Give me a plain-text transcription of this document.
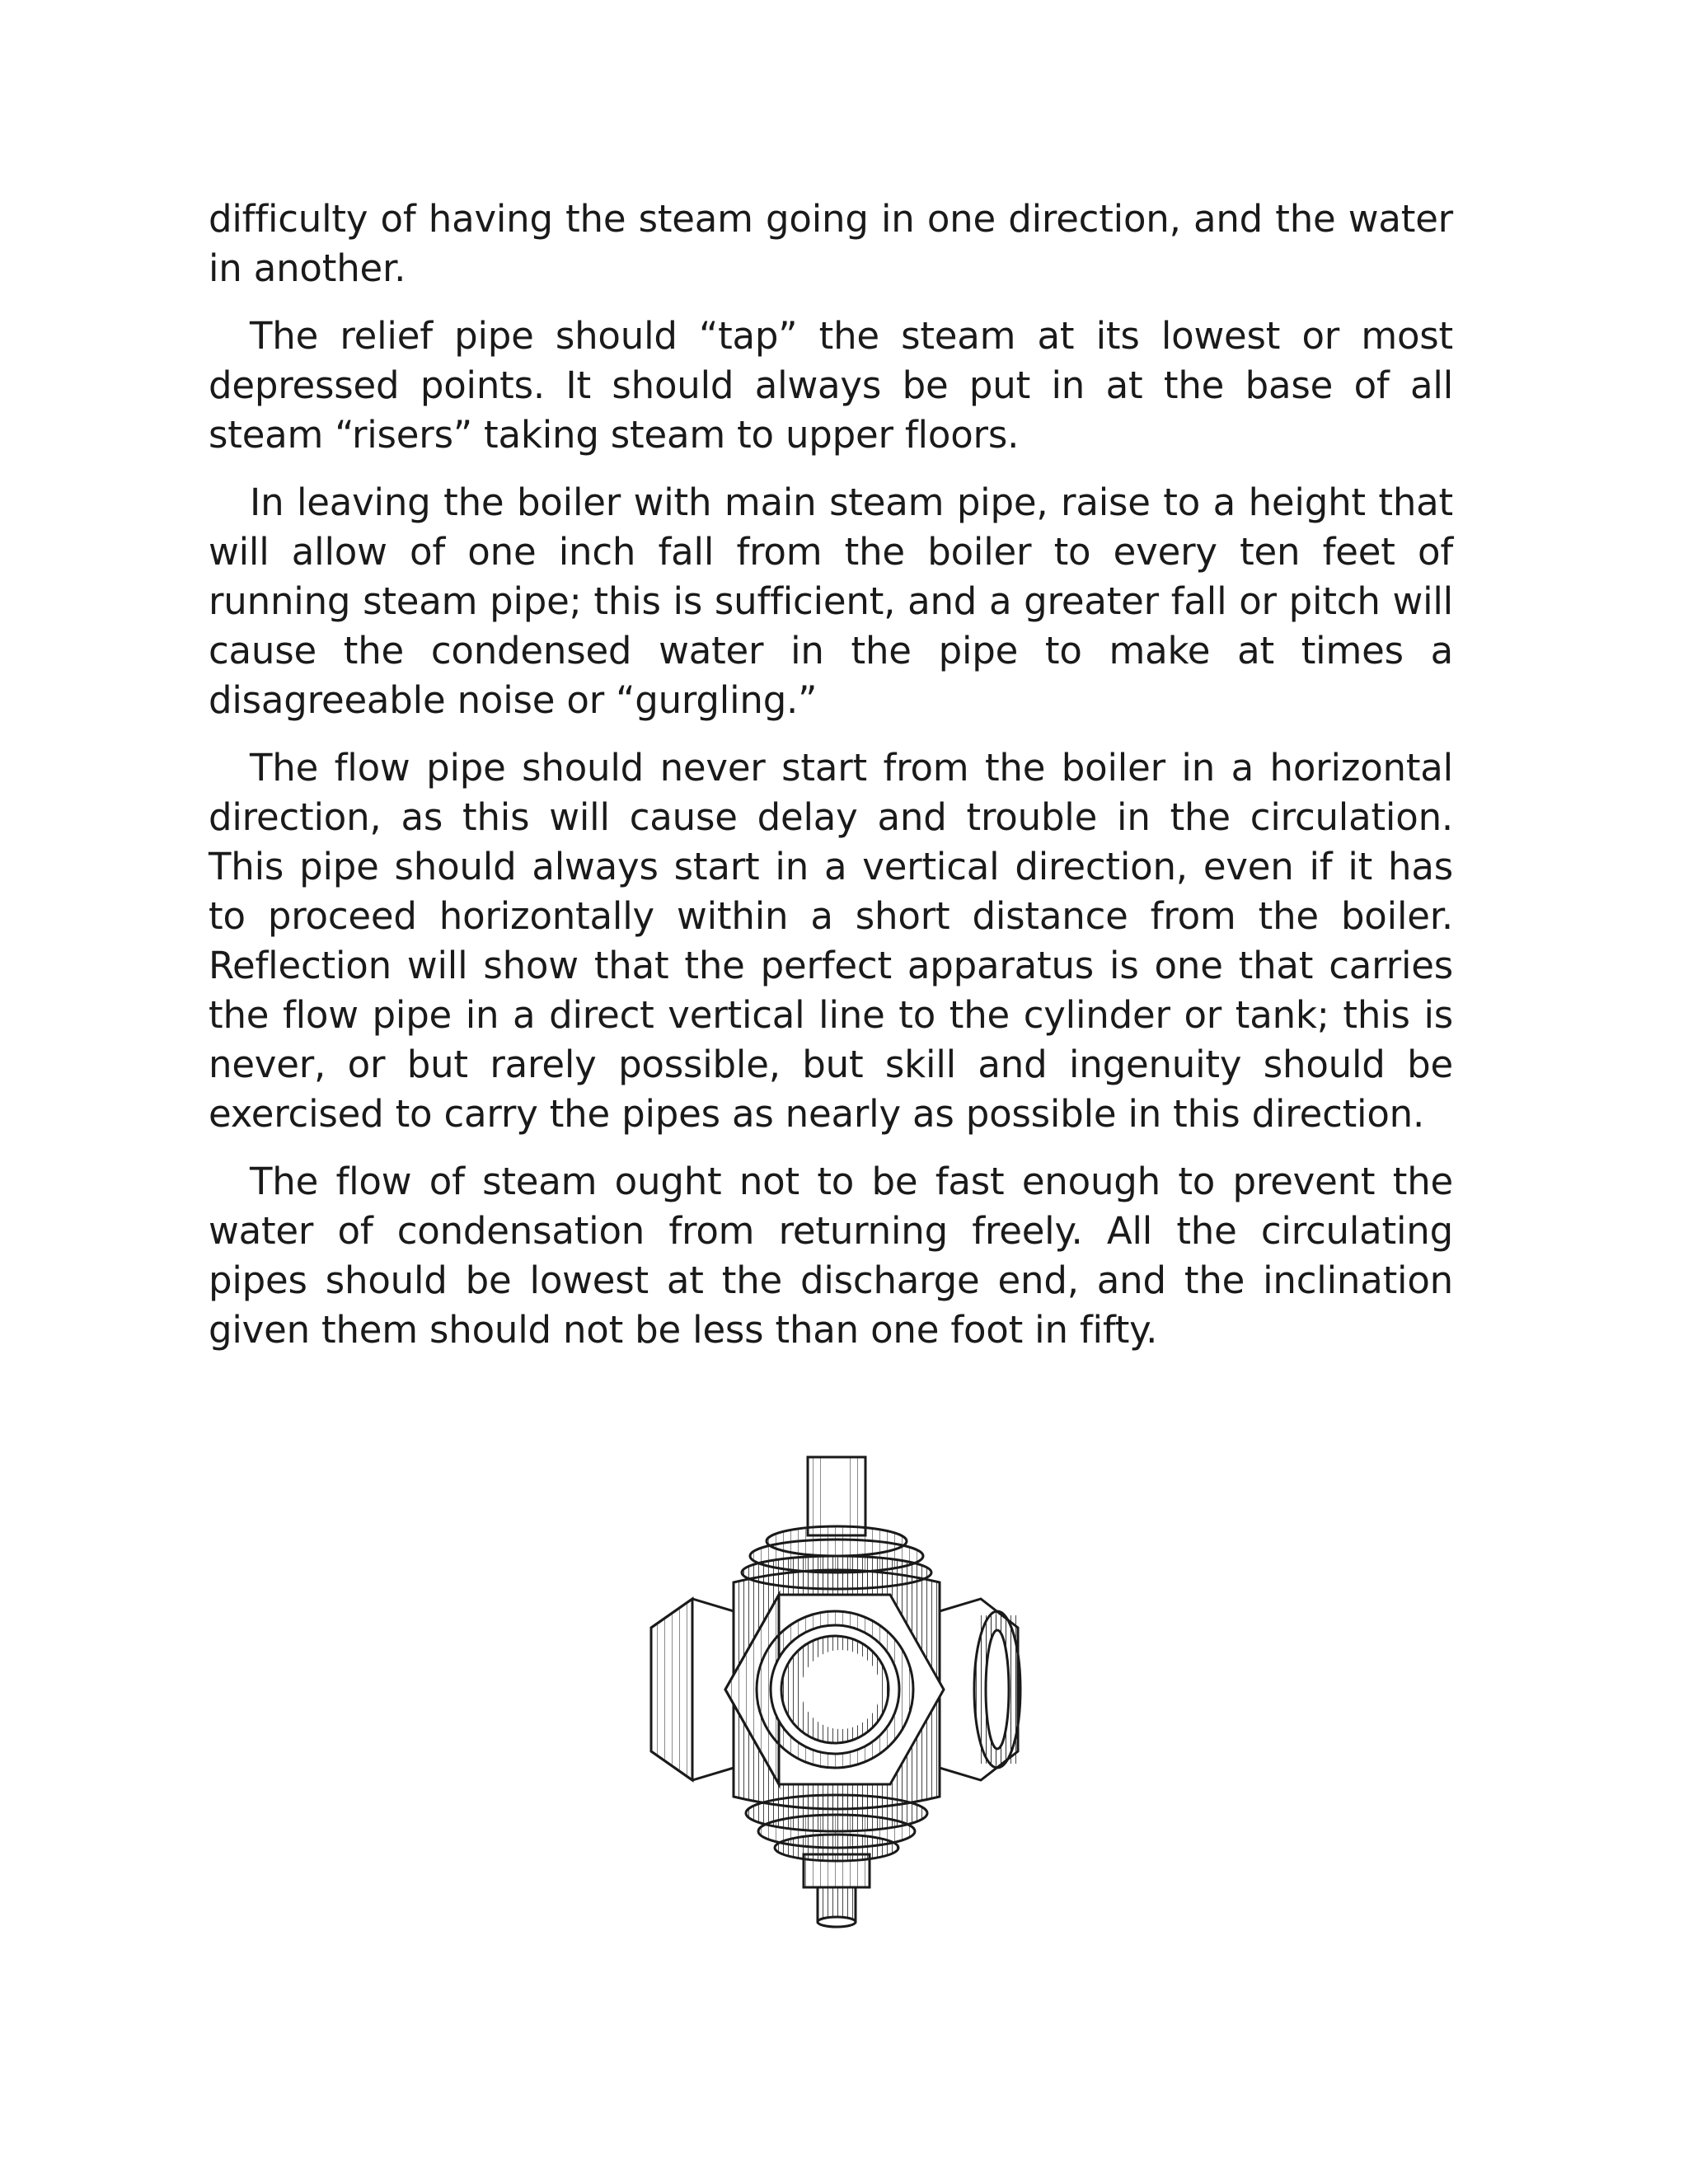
difficulty of having the steam going in one direction, and the water in another.

The relief pipe should “tap” the steam at its lowest or most depressed points. It should always be put in at the base of all steam “risers” taking steam to upper floors.

In leaving the boiler with main steam pipe, raise to a height that will allow of one inch fall from the boiler to every ten feet of running steam pipe; this is sufficient, and a greater fall or pitch will cause the condensed water in the pipe to make at times a disagreeable noise or “gurgling.”

The flow pipe should never start from the boiler in a horizontal direction, as this will cause delay and trouble in the circulation. This pipe should always start in a vertical direction, even if it has to proceed horizontally within a short distance from the boiler. Reflection will show that the perfect apparatus is one that carries the flow pipe in a direct vertical line to the cylinder or tank; this is never, or but rarely possible, but skill and ingenuity should be exercised to carry the pipes as nearly as possible in this direction.

The flow of steam ought not to be fast enough to prevent the water of condensation from returning freely. All the circulating pipes should be lowest at the discharge end, and the inclination given them should not be less than one foot in fifty.
